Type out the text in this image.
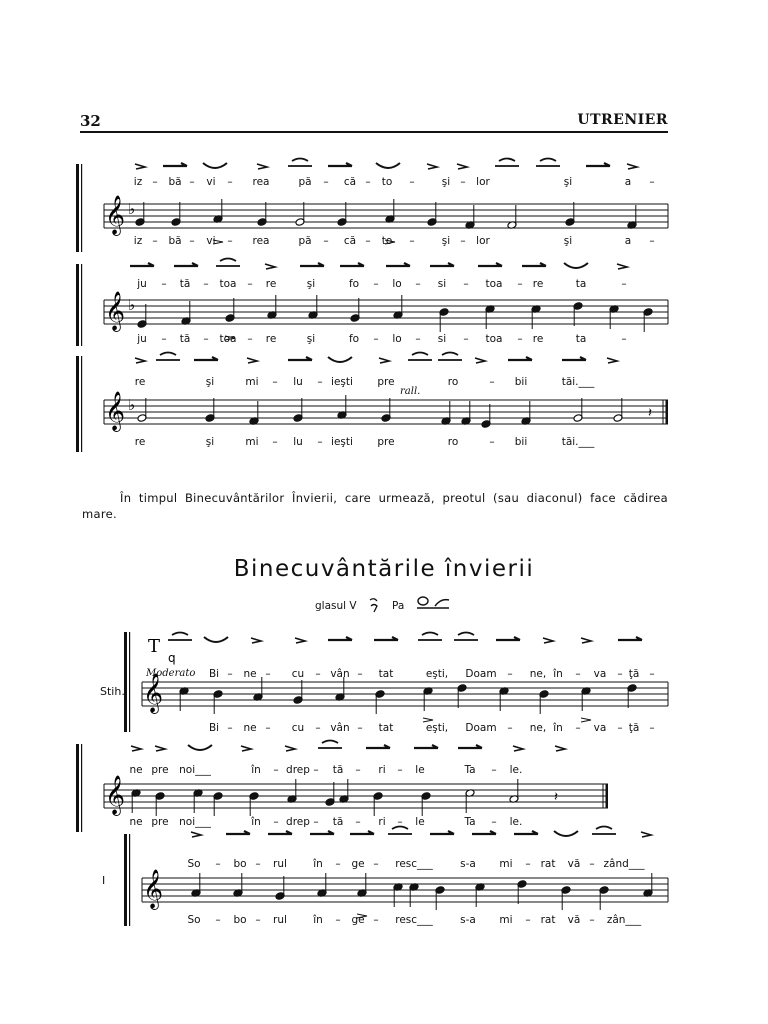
32	UTRENIER
𝄞 ♭
iz – bă – vi – rea	pă – că – to –	şi – lor	şi	a –
iz – bă – vi – rea	pă – că – to –	şi – lor	şi	a –
𝄞 ♭
ju – tă – toa – re	şi	fo – lo – si – toa – re	ta	–
ju – tă – toa – re	şi	fo – lo – si – toa – re	ta	–
𝄞 ♭	𝄽
re	şi	mi – lu – ieşti pre	ro	– bii	tăi.___
re	şi	mi – lu – ieşti pre	ro	– bii	tăi.___
rall.
În timpul Binecuvântărilor Învierii, care urmează, preotul (sau diaconul) face cădirea mare.
Binecuvântările învierii
glasul V	Pa
𝄞
T
q
Bi – ne – cu – vân – tat	eşti, Doam – ne, în – va – ţă –
Bi – ne – cu – vân – tat	eşti, Doam – ne, în – va – ţă –
Moderato
𝄞	𝄽
ne pre noi___	în – drep – tă – ri – le	Ta – le.
ne pre noi___	în – drep – tă – ri – le	Ta – le.
𝄞
So – bo – rul	în – ge – resc___	s-a mi – rat vă – zând___
So – bo – rul	în – ge – resc___	s-a mi – rat vă – zân___
Stih.
I
